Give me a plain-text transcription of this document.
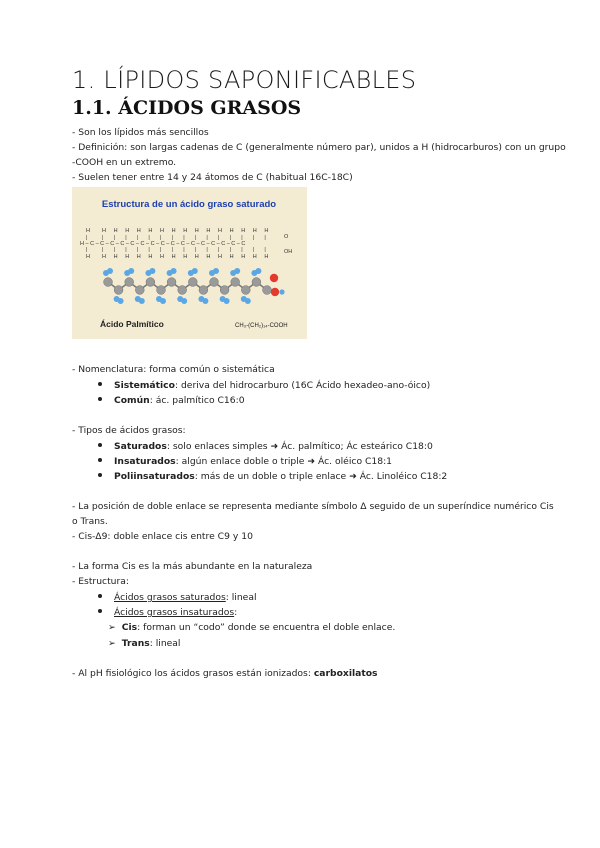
1. LÍPIDOS SAPONIFICABLES
1.1. ÁCIDOS GRASOS
- Son los lípidos más sencillos
- Definición: son largas cadenas de C (generalmente número par), unidos a H (hidrocarburos) con un grupo
-COOH en un extremo.
- Suelen tener entre 14 y 24 átomos de C (habitual 16C-18C)
Estructura de un ácido graso saturado
H
|
H – C – C – C – C – C – C – C – C – C – C – C – C – C – C – C – C
|
H
H
|
|
H
H
|
|
H
H
|
|
H
H
|
|
H
H
|
|
H
H
|
|
H
H
|
|
H
H
|
|
H
H
|
|
H
H
|
|
H
H
|
|
H
H
|
|
H
H
|
|
H
H
|
|
H
H
|
|
H
O
OH
Ácido Palmítico	CH₃-(CH₂)₁₄-COOH
- Nomenclatura: forma común o sistemática
Sistemático: deriva del hidrocarburo (16C Ácido hexadeo-ano-óico)
Común: ác. palmítico C16:0
- Tipos de ácidos grasos:
Saturados: solo enlaces simples ➜ Ác. palmítico; Ác esteárico C18:0
Insaturados: algún enlace doble o triple ➜ Ác. oléico C18:1
Poliinsaturados: más de un doble o triple enlace ➜ Ác. Linoléico C18:2
- La posición de doble enlace se representa mediante símbolo Δ seguido de un superíndice numérico Cis
o Trans.
- Cis-Δ9: doble enlace cis entre C9 y 10
- La forma Cis es la más abundante en la naturaleza
- Estructura:
Ácidos grasos saturados: lineal
Ácidos grasos insaturados:
➢ Cis: forman un “codo” donde se encuentra el doble enlace.
➢ Trans: lineal
- Al pH fisiológico los ácidos grasos están ionizados: carboxilatos
